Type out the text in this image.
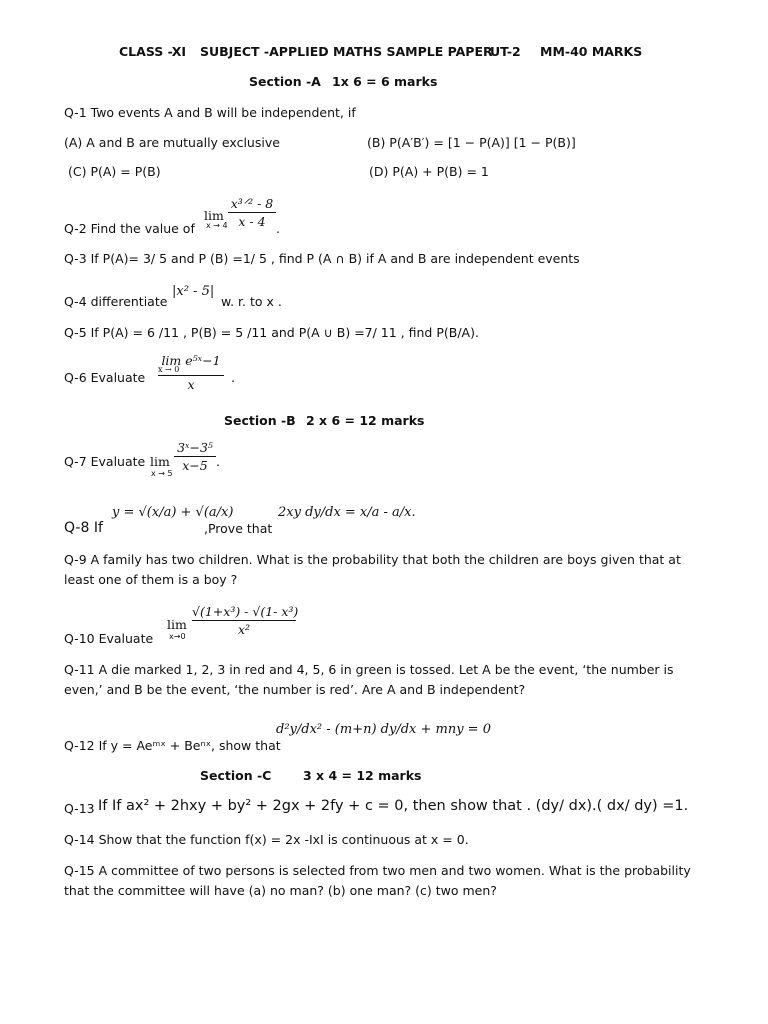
CLASS -XI SUBJECT -APPLIED MATHS SAMPLE PAPER
UT-2 MM-40 MARKS
Section -A 1x 6 = 6 marks
Q-1 Two events A and B will be independent, if
(A) A and B are mutually exclusive	(B) P(A′B′) = [1 − P(A)] [1 − P(B)]
(C) P(A) = P(B)	(D) P(A) + P(B) = 1
Q-2 Find the value of
lim
x → 4
x³ᐟ² - 8
x - 4 .
Q-3 If P(A)= 3/ 5 and P (B) =1/ 5 , find P (A ∩ B) if A and B are independent events
Q-4 differentiate
|x² - 5|
w. r. to x .
Q-5 If P(A) = 6 /11 , P(B) = 5 /11 and P(A ∪ B) =7/ 11 , find P(B/A).
Q-6 Evaluate
lim e⁵ˣ−1
x → 0
x	.
Section -B 2 x 6 = 12 marks
Q-7 Evaluate lim
x → 5
3ˣ−3⁵
x−5 .
Q-8 If
y = √(x/a) + √(a/x)
,Prove that
2xy dy/dx = x/a - a/x.
Q-9 A family has two children. What is the probability that both the children are boys given that at
least one of them is a boy ?
Q-10 Evaluate
lim
x→0
√(1+x³) - √(1- x³)
x²
Q-11 A die marked 1, 2, 3 in red and 4, 5, 6 in green is tossed. Let A be the event, ‘the number is
even,’ and B be the event, ‘the number is red’. Are A and B independent?
Q-12 If y = Aeᵐˣ + Beⁿˣ, show that
d²y/dx² - (m+n) dy/dx + mny = 0
Section -C	3 x 4 = 12 marks
Q-13 If If ax² + 2hxy + by² + 2gx + 2fy + c = 0, then show that . (dy/ dx).( dx/ dy) =1.
Q-14 Show that the function f(x) = 2x -IxI is continuous at x = 0.
Q-15 A committee of two persons is selected from two men and two women. What is the probability
that the committee will have (a) no man? (b) one man? (c) two men?
